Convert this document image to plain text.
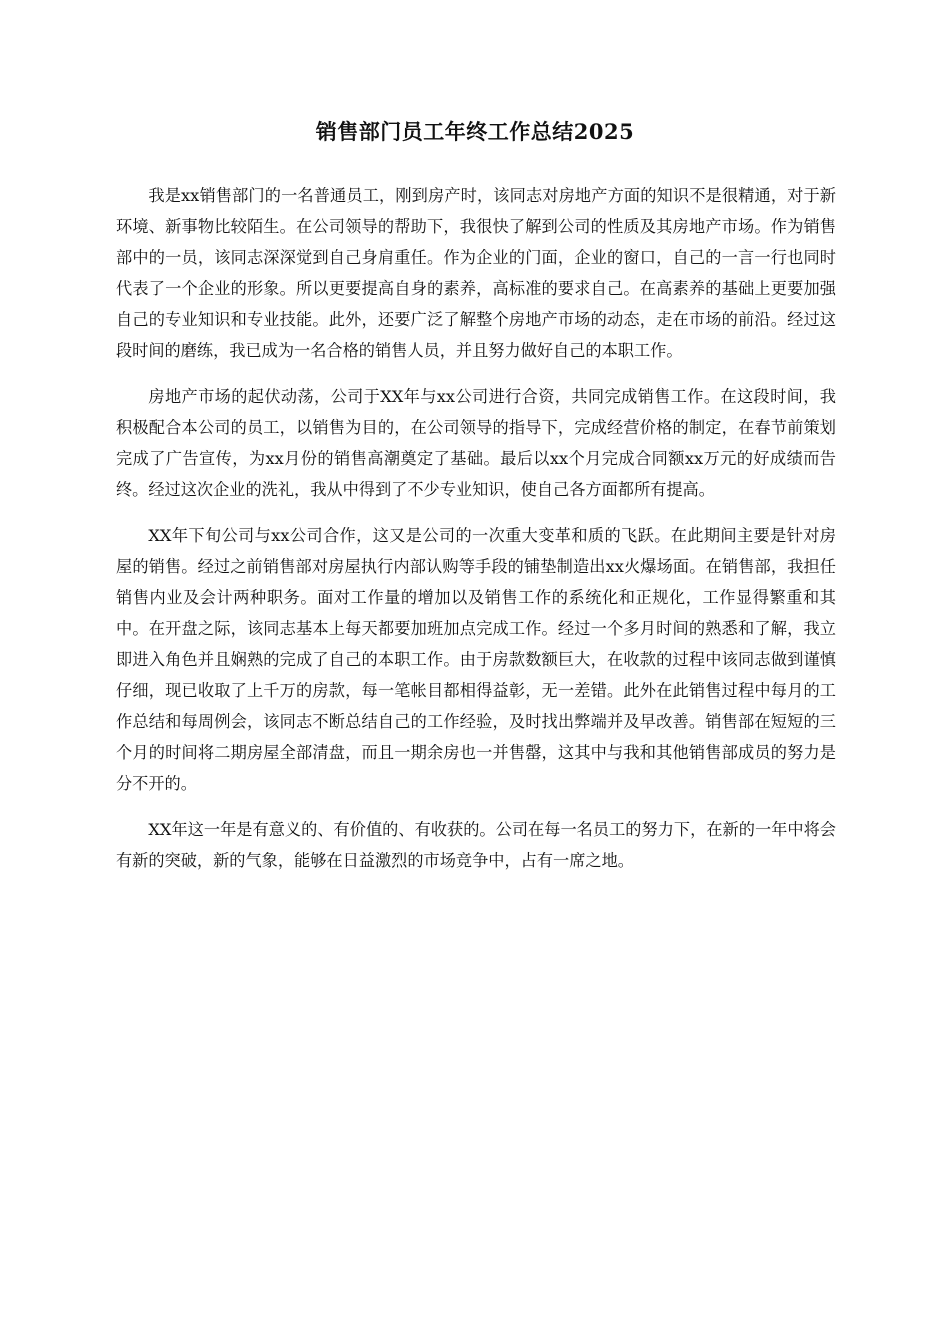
销售部门员工年终工作总结2025

我是xx销售部门的一名普通员工，刚到房产时，该同志对房地产方面的知识不是很精通，对于新环境、新事物比较陌生。在公司领导的帮助下，我很快了解到公司的性质及其房地产市场。作为销售部中的一员，该同志深深觉到自己身肩重任。作为企业的门面，企业的窗口，自己的一言一行也同时代表了一个企业的形象。所以更要提高自身的素养，高标准的要求自己。在高素养的基础上更要加强自己的专业知识和专业技能。此外，还要广泛了解整个房地产市场的动态，走在市场的前沿。经过这段时间的磨练，我已成为一名合格的销售人员，并且努力做好自己的本职工作。

房地产市场的起伏动荡，公司于XX年与xx公司进行合资，共同完成销售工作。在这段时间，我积极配合本公司的员工，以销售为目的，在公司领导的指导下，完成经营价格的制定，在春节前策划完成了广告宣传，为xx月份的销售高潮奠定了基础。最后以xx个月完成合同额xx万元的好成绩而告终。经过这次企业的洗礼，我从中得到了不少专业知识，使自己各方面都所有提高。

XX年下旬公司与xx公司合作，这又是公司的一次重大变革和质的飞跃。在此期间主要是针对房屋的销售。经过之前销售部对房屋执行内部认购等手段的铺垫制造出xx火爆场面。在销售部，我担任销售内业及会计两种职务。面对工作量的增加以及销售工作的系统化和正规化，工作显得繁重和其中。在开盘之际，该同志基本上每天都要加班加点完成工作。经过一个多月时间的熟悉和了解，我立即进入角色并且娴熟的完成了自己的本职工作。由于房款数额巨大，在收款的过程中该同志做到谨慎仔细，现已收取了上千万的房款，每一笔帐目都相得益彰，无一差错。此外在此销售过程中每月的工作总结和每周例会，该同志不断总结自己的工作经验，及时找出弊端并及早改善。销售部在短短的三个月的时间将二期房屋全部清盘，而且一期余房也一并售罄，这其中与我和其他销售部成员的努力是分不开的。

XX年这一年是有意义的、有价值的、有收获的。公司在每一名员工的努力下，在新的一年中将会有新的突破，新的气象，能够在日益激烈的市场竞争中，占有一席之地。
